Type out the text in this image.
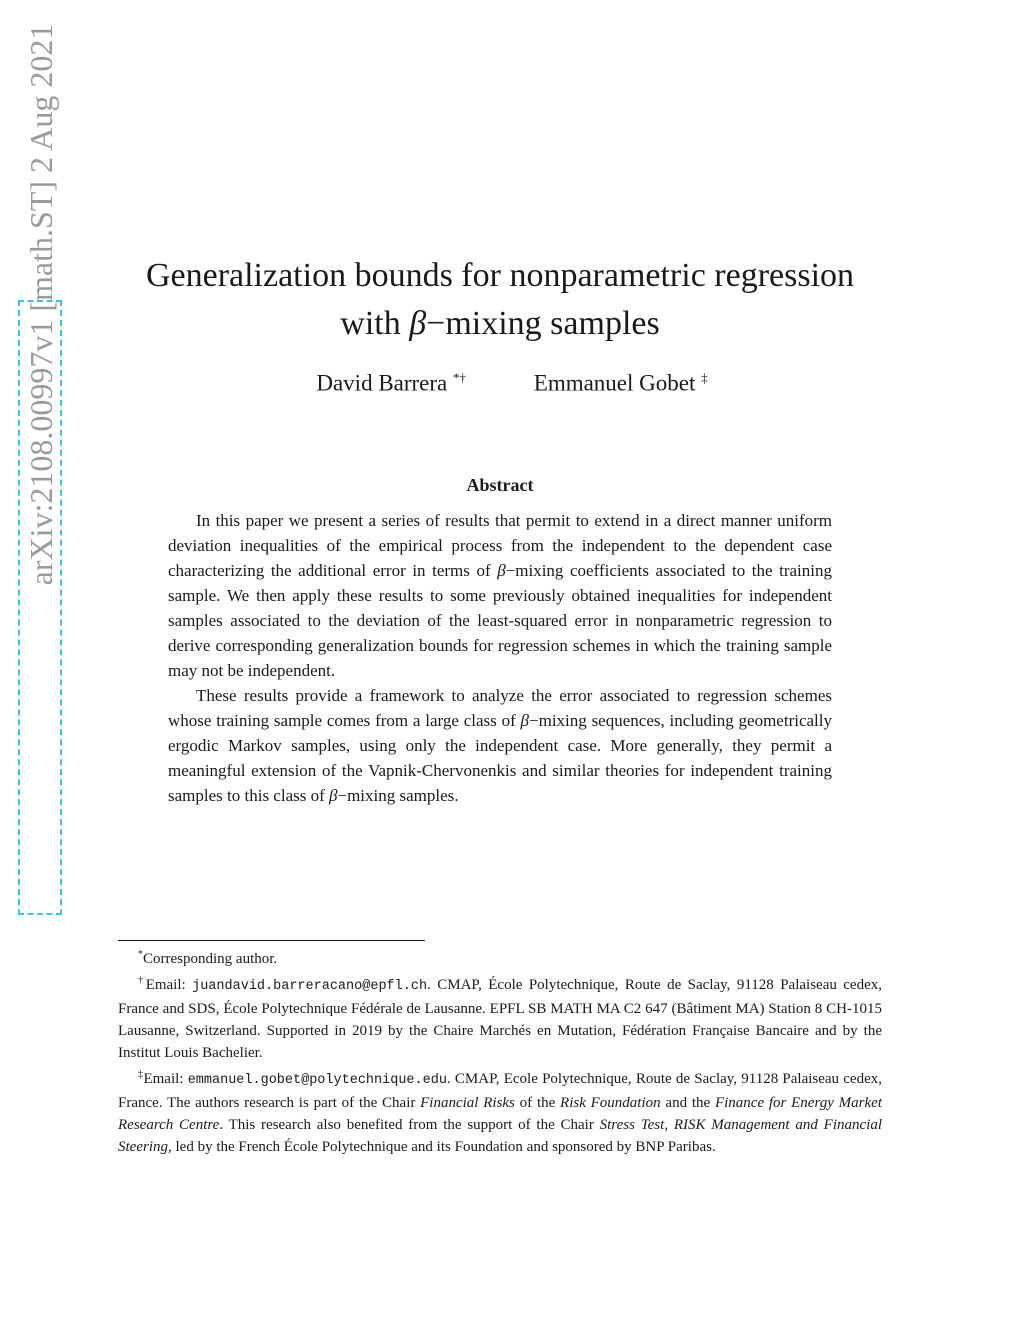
arXiv:2108.00997v1 [math.ST] 2 Aug 2021	Generalization bounds for nonparametric regression
with β−mixing samples
David Barrera *†	Emmanuel Gobet ‡
Abstract

In this paper we present a series of results that permit to extend in a direct manner uniform deviation inequalities of the empirical process from the independent to the dependent case characterizing the additional error in terms of β−mixing coefficients associated to the training sample. We then apply these results to some previously obtained inequalities for independent samples associated to the deviation of the least-squared error in nonparametric regression to derive corresponding generalization bounds for regression schemes in which the training sample may not be independent.

These results provide a framework to analyze the error associated to regression schemes whose training sample comes from a large class of β−mixing sequences, including geometrically ergodic Markov samples, using only the independent case. More generally, they permit a meaningful extension of the Vapnik-Chervonenkis and similar theories for independent training samples to this class of β−mixing samples.

*Corresponding author.

†Email: juandavid.barreracano@epfl.ch. CMAP, École Polytechnique, Route de Saclay, 91128 Palaiseau cedex, France and SDS, École Polytechnique Fédérale de Lausanne. EPFL SB MATH MA C2 647 (Bâtiment MA) Station 8 CH-1015 Lausanne, Switzerland. Supported in 2019 by the Chaire Marchés en Mutation, Fédération Française Bancaire and by the Institut Louis Bachelier.

‡Email: emmanuel.gobet@polytechnique.edu. CMAP, Ecole Polytechnique, Route de Saclay, 91128 Palaiseau cedex, France. The authors research is part of the Chair Financial Risks of the Risk Foundation and the Finance for Energy Market Research Centre. This research also benefited from the support of the Chair Stress Test, RISK Management and Financial Steering, led by the French École Polytechnique and its Foundation and sponsored by BNP Paribas.
